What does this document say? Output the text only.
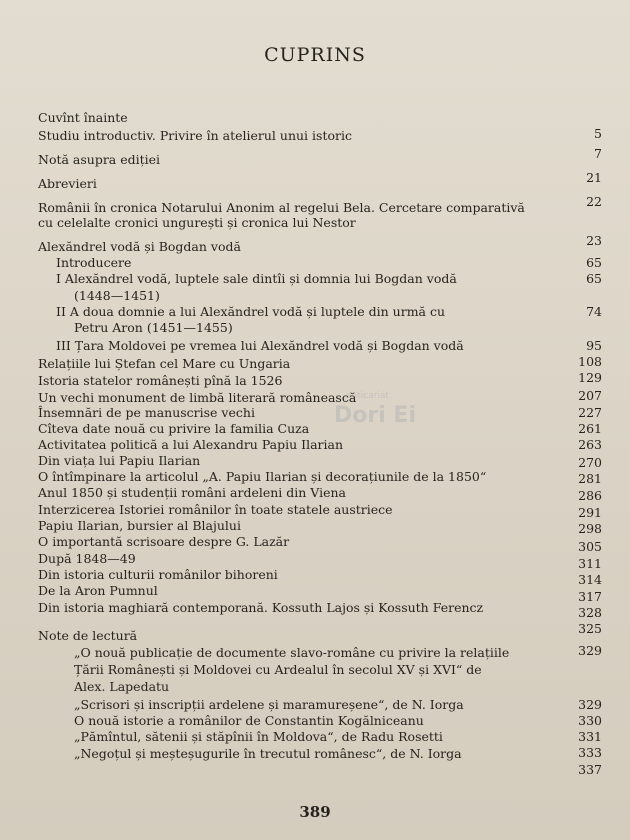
CUPRINS
Cuvînt înainte
5
Studiu introductiv. Privire în atelierul unui istoric
7
Notă asupra ediției
21
Abrevieri
22
Românii în cronica Notarului Anonim al regelui Bela. Cercetare comparativă
cu celelalte cronici ungurești și cronica lui Nestor
23
Alexăndrel vodă și Bogdan vodă
65
Introducere
65
I Alexăndrel vodă, luptele sale dintîi și domnia lui Bogdan vodă
(1448—1451)
74
II A doua domnie a lui Alexăndrel vodă și luptele din urmă cu
Petru Aron (1451—1455)
95
III Țara Moldovei pe vremea lui Alexăndrel vodă și Bogdan vodă
108
Relațiile lui Ștefan cel Mare cu Ungaria
129
Istoria statelor românești pînă la 1526
207
Un vechi monument de limbă literară românească
227
Însemnări de pe manuscrise vechi
261
Cîteva date nouă cu privire la familia Cuza
263
Activitatea politică a lui Alexandru Papiu Ilarian
270
Din viața lui Papiu Ilarian
281
O întîmpinare la articolul „A. Papiu Ilarian și decorațiunile de la 1850“
286
Anul 1850 și studenții români ardeleni din Viena
291
Interzicerea Istoriei românilor în toate statele austriece
298
Papiu Ilarian, bursier al Blajului
305
O importantă scrisoare despre G. Lazăr
311
După 1848—49
314
Din istoria culturii românilor bihoreni
317
De la Aron Pumnul
328
Din istoria maghiară contemporană. Kossuth Lajos și Kossuth Ferencz
325
Note de lectură
329
„O nouă publicație de documente slavo-române cu privire la relațiile
Țării Românești și Moldovei cu Ardealul în secolul XV și XVI“ de
Alex. Lapedatu
329
„Scrisori și inscripții ardelene și maramureșene“, de N. Iorga
330
O nouă istorie a românilor de Constantin Kogălniceanu
331
„Pămîntul, sătenii și stăpînii în Moldova“, de Radu Rosetti
333
„Negoțul și meșteșugurile în trecutul românesc“, de N. Iorga
337
anticariat
Dori Ei
389
